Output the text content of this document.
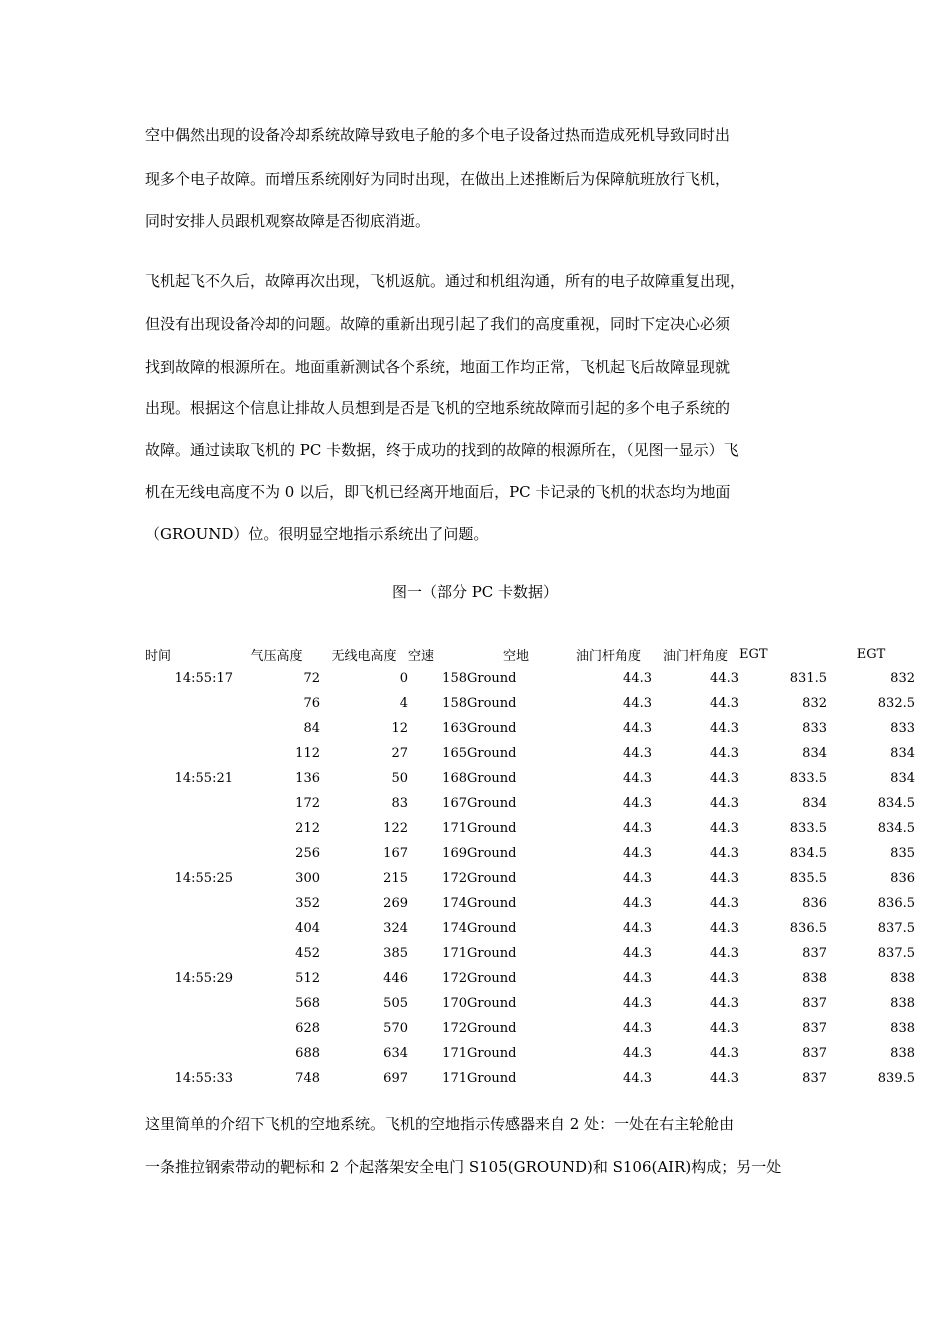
空中偶然出现的设备冷却系统故障导致电子舱的多个电子设备过热而造成死机导致同时出
现多个电子故障。而增压系统刚好为同时出现，在做出上述推断后为保障航班放行飞机，
同时安排人员跟机观察故障是否彻底消逝。
飞机起飞不久后，故障再次出现，飞机返航。通过和机组沟通，所有的电子故障重复出现，
但没有出现设备冷却的问题。故障的重新出现引起了我们的高度重视，同时下定决心必须
找到故障的根源所在。地面重新测试各个系统，地面工作均正常，飞机起飞后故障显现就
出现。根据这个信息让排故人员想到是否是飞机的空地系统故障而引起的多个电子系统的
故障。通过读取飞机的 PC 卡数据，终于成功的找到的故障的根源所在，（见图一显示）飞
机在无线电高度不为 0 以后，即飞机已经离开地面后，PC 卡记录的飞机的状态均为地面
（GROUND）位。很明显空地指示系统出了问题。
图一（部分 PC 卡数据）
时间	气压高度	无线电高度	空速	空地	油门杆角度	油门杆角度	EGT	EGT
14:55:17	72	0	158	Ground	44.3	44.3	831.5	832
	76	4	158	Ground	44.3	44.3	832	832.5
	84	12	163	Ground	44.3	44.3	833	833
	112	27	165	Ground	44.3	44.3	834	834
14:55:21	136	50	168	Ground	44.3	44.3	833.5	834
	172	83	167	Ground	44.3	44.3	834	834.5
	212	122	171	Ground	44.3	44.3	833.5	834.5
	256	167	169	Ground	44.3	44.3	834.5	835
14:55:25	300	215	172	Ground	44.3	44.3	835.5	836
	352	269	174	Ground	44.3	44.3	836	836.5
	404	324	174	Ground	44.3	44.3	836.5	837.5
	452	385	171	Ground	44.3	44.3	837	837.5
14:55:29	512	446	172	Ground	44.3	44.3	838	838
	568	505	170	Ground	44.3	44.3	837	838
	628	570	172	Ground	44.3	44.3	837	838
	688	634	171	Ground	44.3	44.3	837	838
14:55:33	748	697	171	Ground	44.3	44.3	837	839.5
这里简单的介绍下飞机的空地系统。飞机的空地指示传感器来自 2 处：一处在右主轮舱由
一条推拉钢索带动的靶标和 2 个起落架安全电门 S105(GROUND)和 S106(AIR)构成；另一处
